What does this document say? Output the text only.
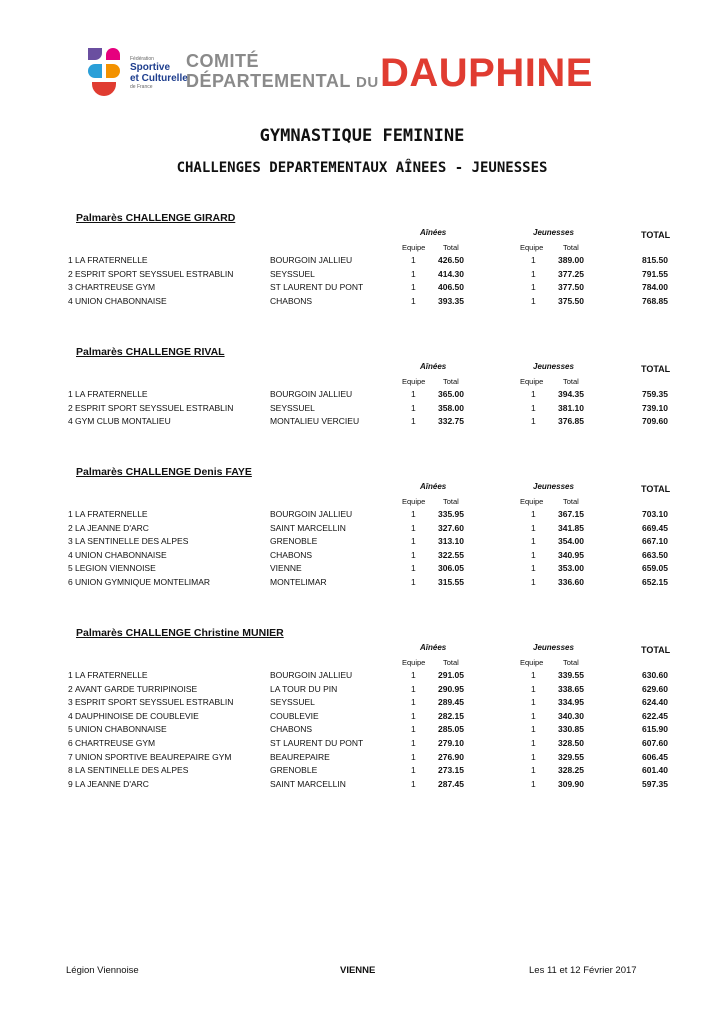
Fédération
Sportive
et Culturelle
de France
COMITÉ
DÉPARTEMENTAL DU DAUPHINE
GYMNASTIQUE FEMININE
CHALLENGES DEPARTEMENTAUX AÎNEES - JEUNESSES
Palmarès CHALLENGE GIRARD
Aînées	Jeunesses	TOTAL
Equipe Total	Equipe	Total
1 LA FRATERNELLE	BOURGOIN JALLIEU	1	426.50	1	389.00	815.50
2 ESPRIT SPORT SEYSSUEL ESTRABLIN	SEYSSUEL	1	414.30	1	377.25	791.55
3 CHARTREUSE GYM	ST LAURENT DU PONT	1	406.50	1	377.50	784.00
4 UNION CHABONNAISE	CHABONS	1	393.35	1	375.50	768.85
Palmarès CHALLENGE RIVAL
Aînées	Jeunesses	TOTAL
Equipe Total	Equipe	Total
1 LA FRATERNELLE	BOURGOIN JALLIEU	1	365.00	1	394.35	759.35
2 ESPRIT SPORT SEYSSUEL ESTRABLIN	SEYSSUEL	1	358.00	1	381.10	739.10
4 GYM CLUB MONTALIEU	MONTALIEU VERCIEU	1	332.75	1	376.85	709.60
Palmarès CHALLENGE Denis FAYE
Aînées	Jeunesses	TOTAL
Equipe Total	Equipe	Total
1 LA FRATERNELLE	BOURGOIN JALLIEU	1	335.95	1	367.15	703.10
2 LA JEANNE D'ARC	SAINT MARCELLIN	1	327.60	1	341.85	669.45
3 LA SENTINELLE DES ALPES	GRENOBLE	1	313.10	1	354.00	667.10
4 UNION CHABONNAISE	CHABONS	1	322.55	1	340.95	663.50
5 LEGION VIENNOISE	VIENNE	1	306.05	1	353.00	659.05
6 UNION GYMNIQUE MONTELIMAR	MONTELIMAR	1	315.55	1	336.60	652.15
Palmarès CHALLENGE Christine MUNIER
Aînées	Jeunesses	TOTAL
Equipe Total	Equipe	Total
1 LA FRATERNELLE	BOURGOIN JALLIEU	1	291.05	1	339.55	630.60
2 AVANT GARDE TURRIPINOISE	LA TOUR DU PIN	1	290.95	1	338.65	629.60
3 ESPRIT SPORT SEYSSUEL ESTRABLIN	SEYSSUEL	1	289.45	1	334.95	624.40
4 DAUPHINOISE DE COUBLEVIE	COUBLEVIE	1	282.15	1	340.30	622.45
5 UNION CHABONNAISE	CHABONS	1	285.05	1	330.85	615.90
6 CHARTREUSE GYM	ST LAURENT DU PONT	1	279.10	1	328.50	607.60
7 UNION SPORTIVE BEAUREPAIRE GYM	BEAUREPAIRE	1	276.90	1	329.55	606.45
8 LA SENTINELLE DES ALPES	GRENOBLE	1	273.15	1	328.25	601.40
9 LA JEANNE D'ARC	SAINT MARCELLIN	1	287.45	1	309.90	597.35
Légion Viennoise	VIENNE	Les 11 et 12 Février 2017
